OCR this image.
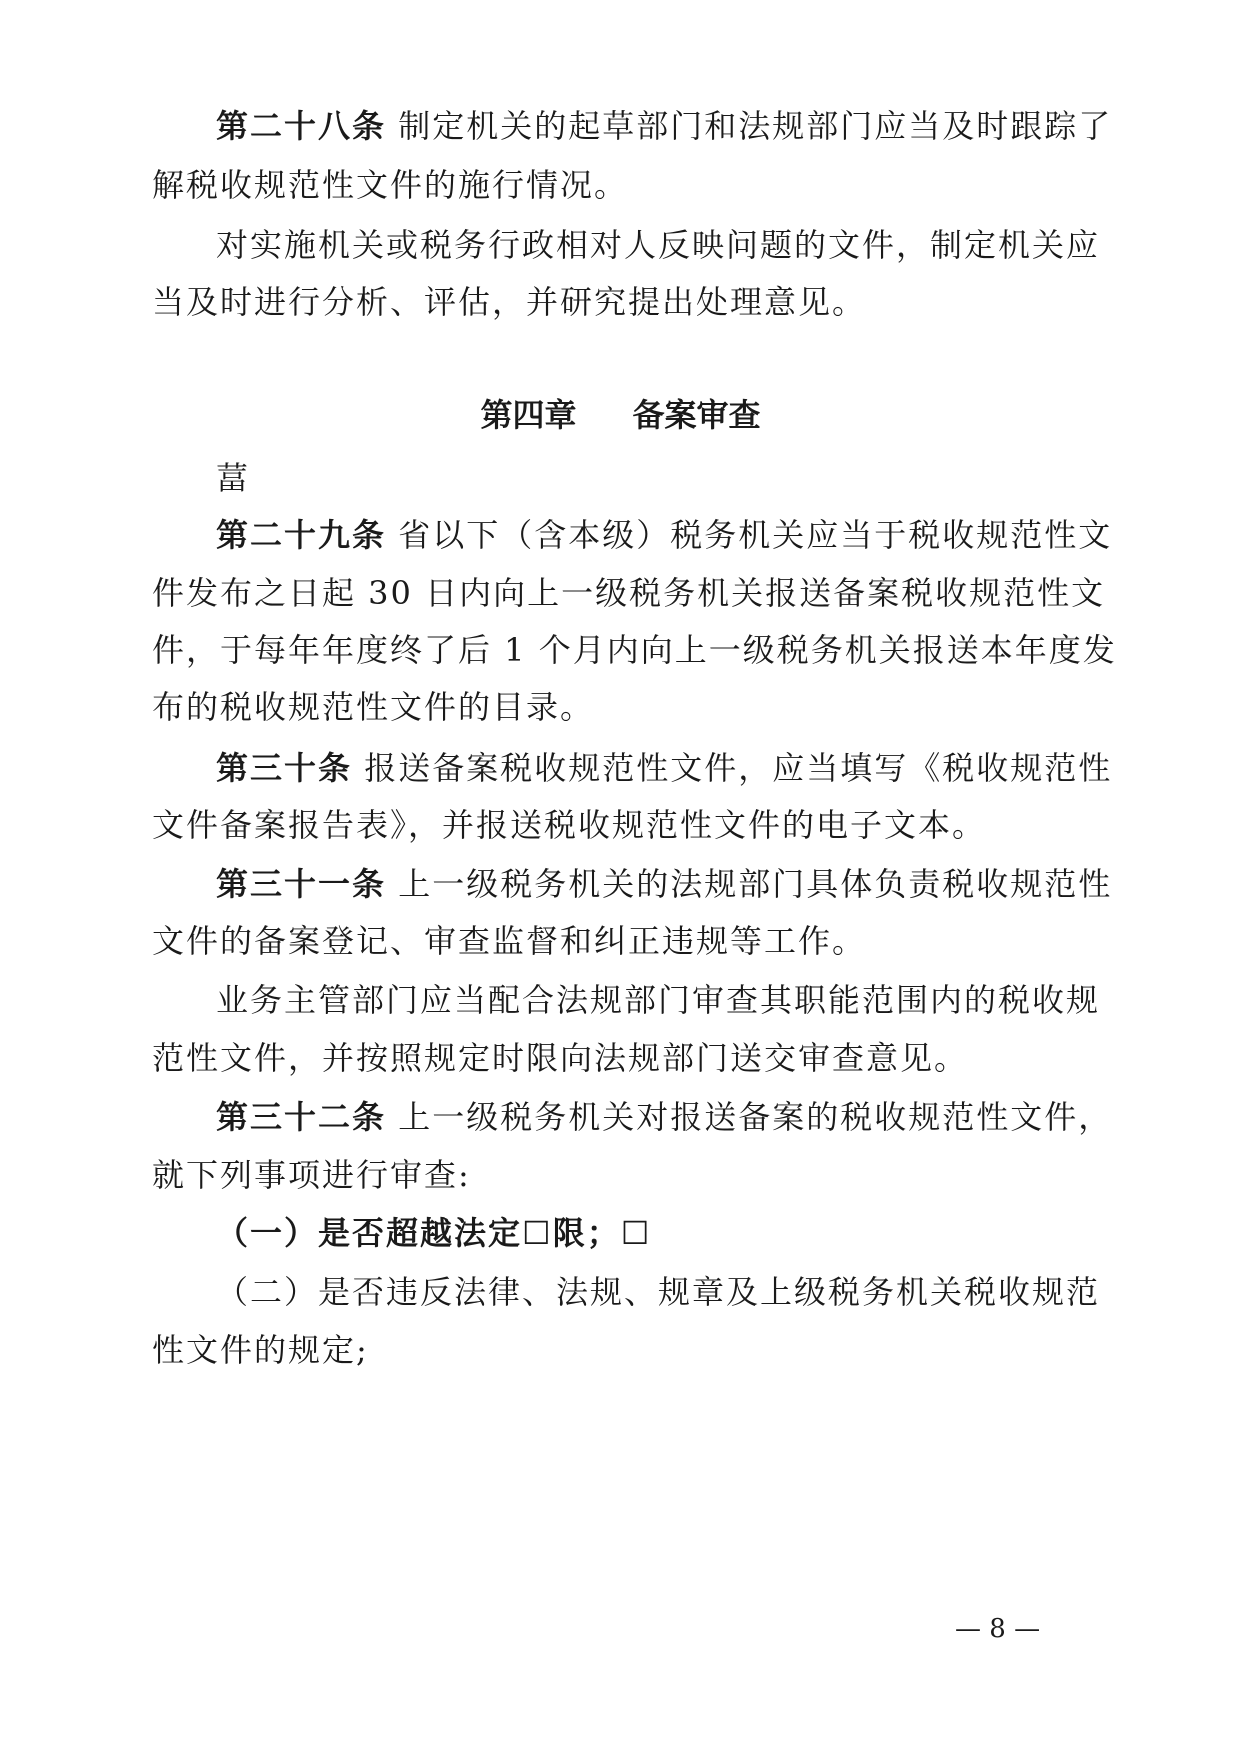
第二十八条 制定机关的起草部门和法规部门应当及时跟踪了
解税收规范性文件的施行情况。
对实施机关或税务行政相对人反映问题的文件，制定机关应
当及时进行分析、评估，并研究提出处理意见。
第四章 备案审查
葍
第二十九条 省以下（含本级）税务机关应当于税收规范性文
件发布之日起 30 日内向上一级税务机关报送备案税收规范性文
件，于每年年度终了后 1 个月内向上一级税务机关报送本年度发
布的税收规范性文件的目录。
第三十条 报送备案税收规范性文件，应当填写《税收规范性
文件备案报告表》，并报送税收规范性文件的电子文本。
第三十一条 上一级税务机关的法规部门具体负责税收规范性
文件的备案登记、审查监督和纠正违规等工作。
业务主管部门应当配合法规部门审查其职能范围内的税收规
范性文件，并按照规定时限向法规部门送交审查意见。
第三十二条 上一级税务机关对报送备案的税收规范性文件，
就下列事项进行审查:
（一）是否超越法定☐限；☐
（二）是否违反法律、法规、规章及上级税务机关税收规范
性文件的规定;
— 8 —
